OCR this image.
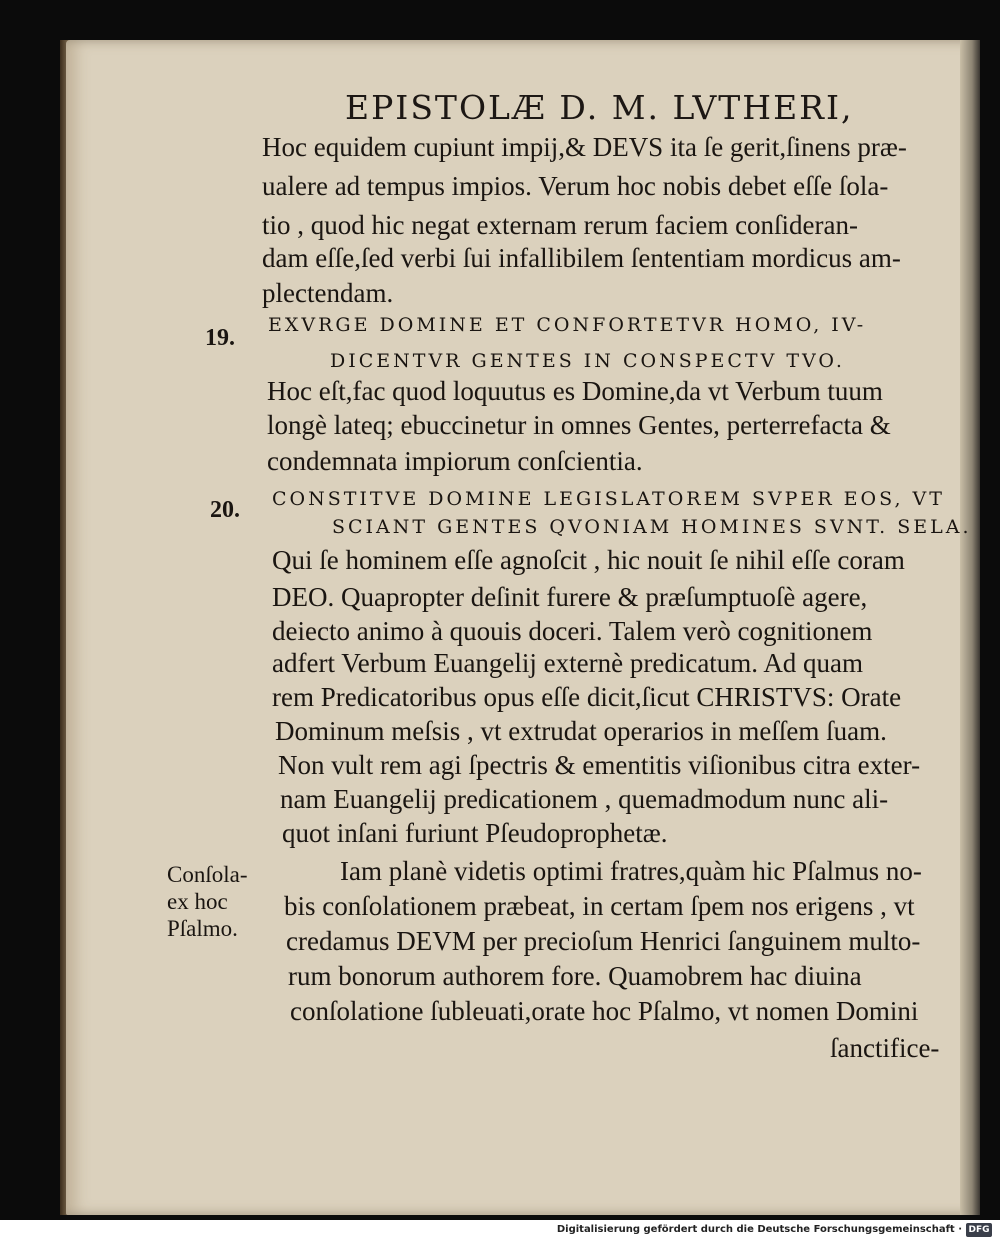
EPISTOLÆ D. M. LVTHERI,
Hoc equidem cupiunt impij,& DEVS ita ſe gerit,ſinens præ-
ualere ad tempus impios. Verum hoc nobis debet eſſe ſola-
tio , quod hic negat externam rerum faciem conſideran-
dam eſſe,ſed verbi ſui infallibilem ſententiam mordicus am-
plectendam.
19. EXVRGE DOMINE ET CONFORTETVR HOMO, IV-
DICENTVR GENTES IN CONSPECTV TVO.
Hoc eſt,fac quod loquutus es Domine,da vt Verbum tuum
longè lateq; ebuccinetur in omnes Gentes, perterrefacta &
condemnata impiorum conſcientia.
20. CONSTITVE DOMINE LEGISLATOREM SVPER EOS, VT
SCIANT GENTES QVONIAM HOMINES SVNT. SELA.
Qui ſe hominem eſſe agnoſcit , hic nouit ſe nihil eſſe coram
DEO. Quapropter deſinit furere & præſumptuoſè agere,
deiecto animo à quouis doceri. Talem verò cognitionem
adfert Verbum Euangelij externè predicatum. Ad quam
rem Predicatoribus opus eſſe dicit,ſicut CHRISTVS: Orate
Dominum meſsis , vt extrudat operarios in meſſem ſuam.
Non vult rem agi ſpectris & ementitis viſionibus citra exter-
nam Euangelij predicationem , quemadmodum nunc ali-
quot inſani furiunt Pſeudoprophetæ.
Conſola-
ex hoc
Pſalmo.
Iam planè videtis optimi fratres,quàm hic Pſalmus no-
bis conſolationem præbeat, in certam ſpem nos erigens , vt
credamus DEVM per precioſum Henrici ſanguinem multo-
rum bonorum authorem fore. Quamobrem hac diuina
conſolatione ſubleuati,orate hoc Pſalmo, vt nomen Domini
ſanctifice-
Digitalisierung gefördert durch die Deutsche Forschungsgemeinschaft · DFG
